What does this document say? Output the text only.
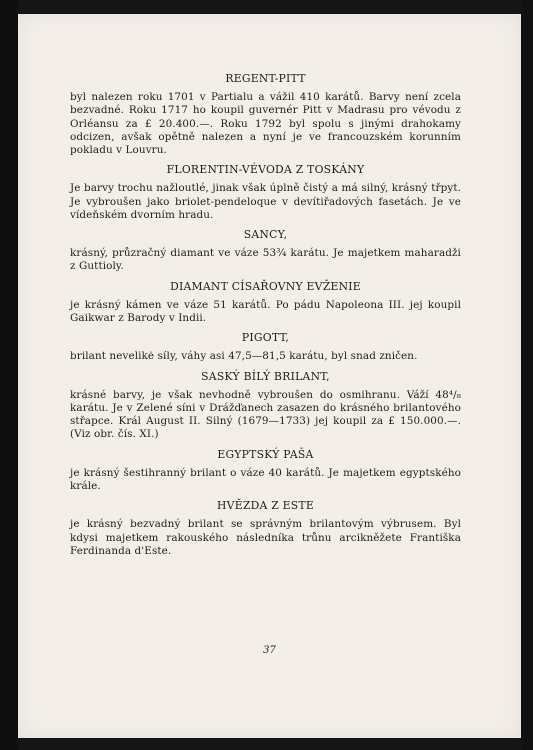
REGENT-PITT

byl nalezen roku 1701 v Partialu a vážil 410 karátů. Barvy není zcela bezvadné. Roku 1717 ho koupil guvernér Pitt v Madrasu pro vévodu z Orléansu za £ 20.400.—. Roku 1792 byl spolu s jinými drahokamy odcizen, avšak opětně nalezen a nyní je ve francouzském korunním pokladu v Louvru.

FLORENTIN-VÉVODA Z TOSKÁNY

Je barvy trochu nažloutlé, jinak však úplně čistý a má silný, krásný třpyt. Je vybroušen jako briolet-pendeloque v devítiřadových fasetách. Je ve vídeňském dvorním hradu.

SANCY,

krásný, průzračný diamant ve váze 53¾ karátu. Je majetkem maharadži z Guttioly.

DIAMANT CÍSAŘOVNY EVŽENIE

je krásný kámen ve váze 51 karátů. Po pádu Napoleona III. jej koupil Gaikwar z Barody v Indii.

PIGOTT,

brilant nevelikė síly, váhy asi 47,5—81,5 karátu, byl snad zničen.

SASKÝ BÍLÝ BRILANT,

krásné barvy, je však nevhodně vybroušen do osmihranu. Váží 48⁴/₈ karátu. Je v Zelené síni v Drážďanech zasazen do krásného brilantového střapce. Král August II. Silný (1679—1733) jej koupil za £ 150.000.—. (Viz obr. čís. XI.)

EGYPTSKÝ PAŠA

je krásný šestihranný brilant o váze 40 karátů. Je majetkem egyptského krále.

HVĚZDA Z ESTE

je krásný bezvadný brilant se správným brilantovým výbrusem. Byl kdysi majetkem rakouského následníka trůnu arcikněžete Františka Ferdinanda d'Este.

37
